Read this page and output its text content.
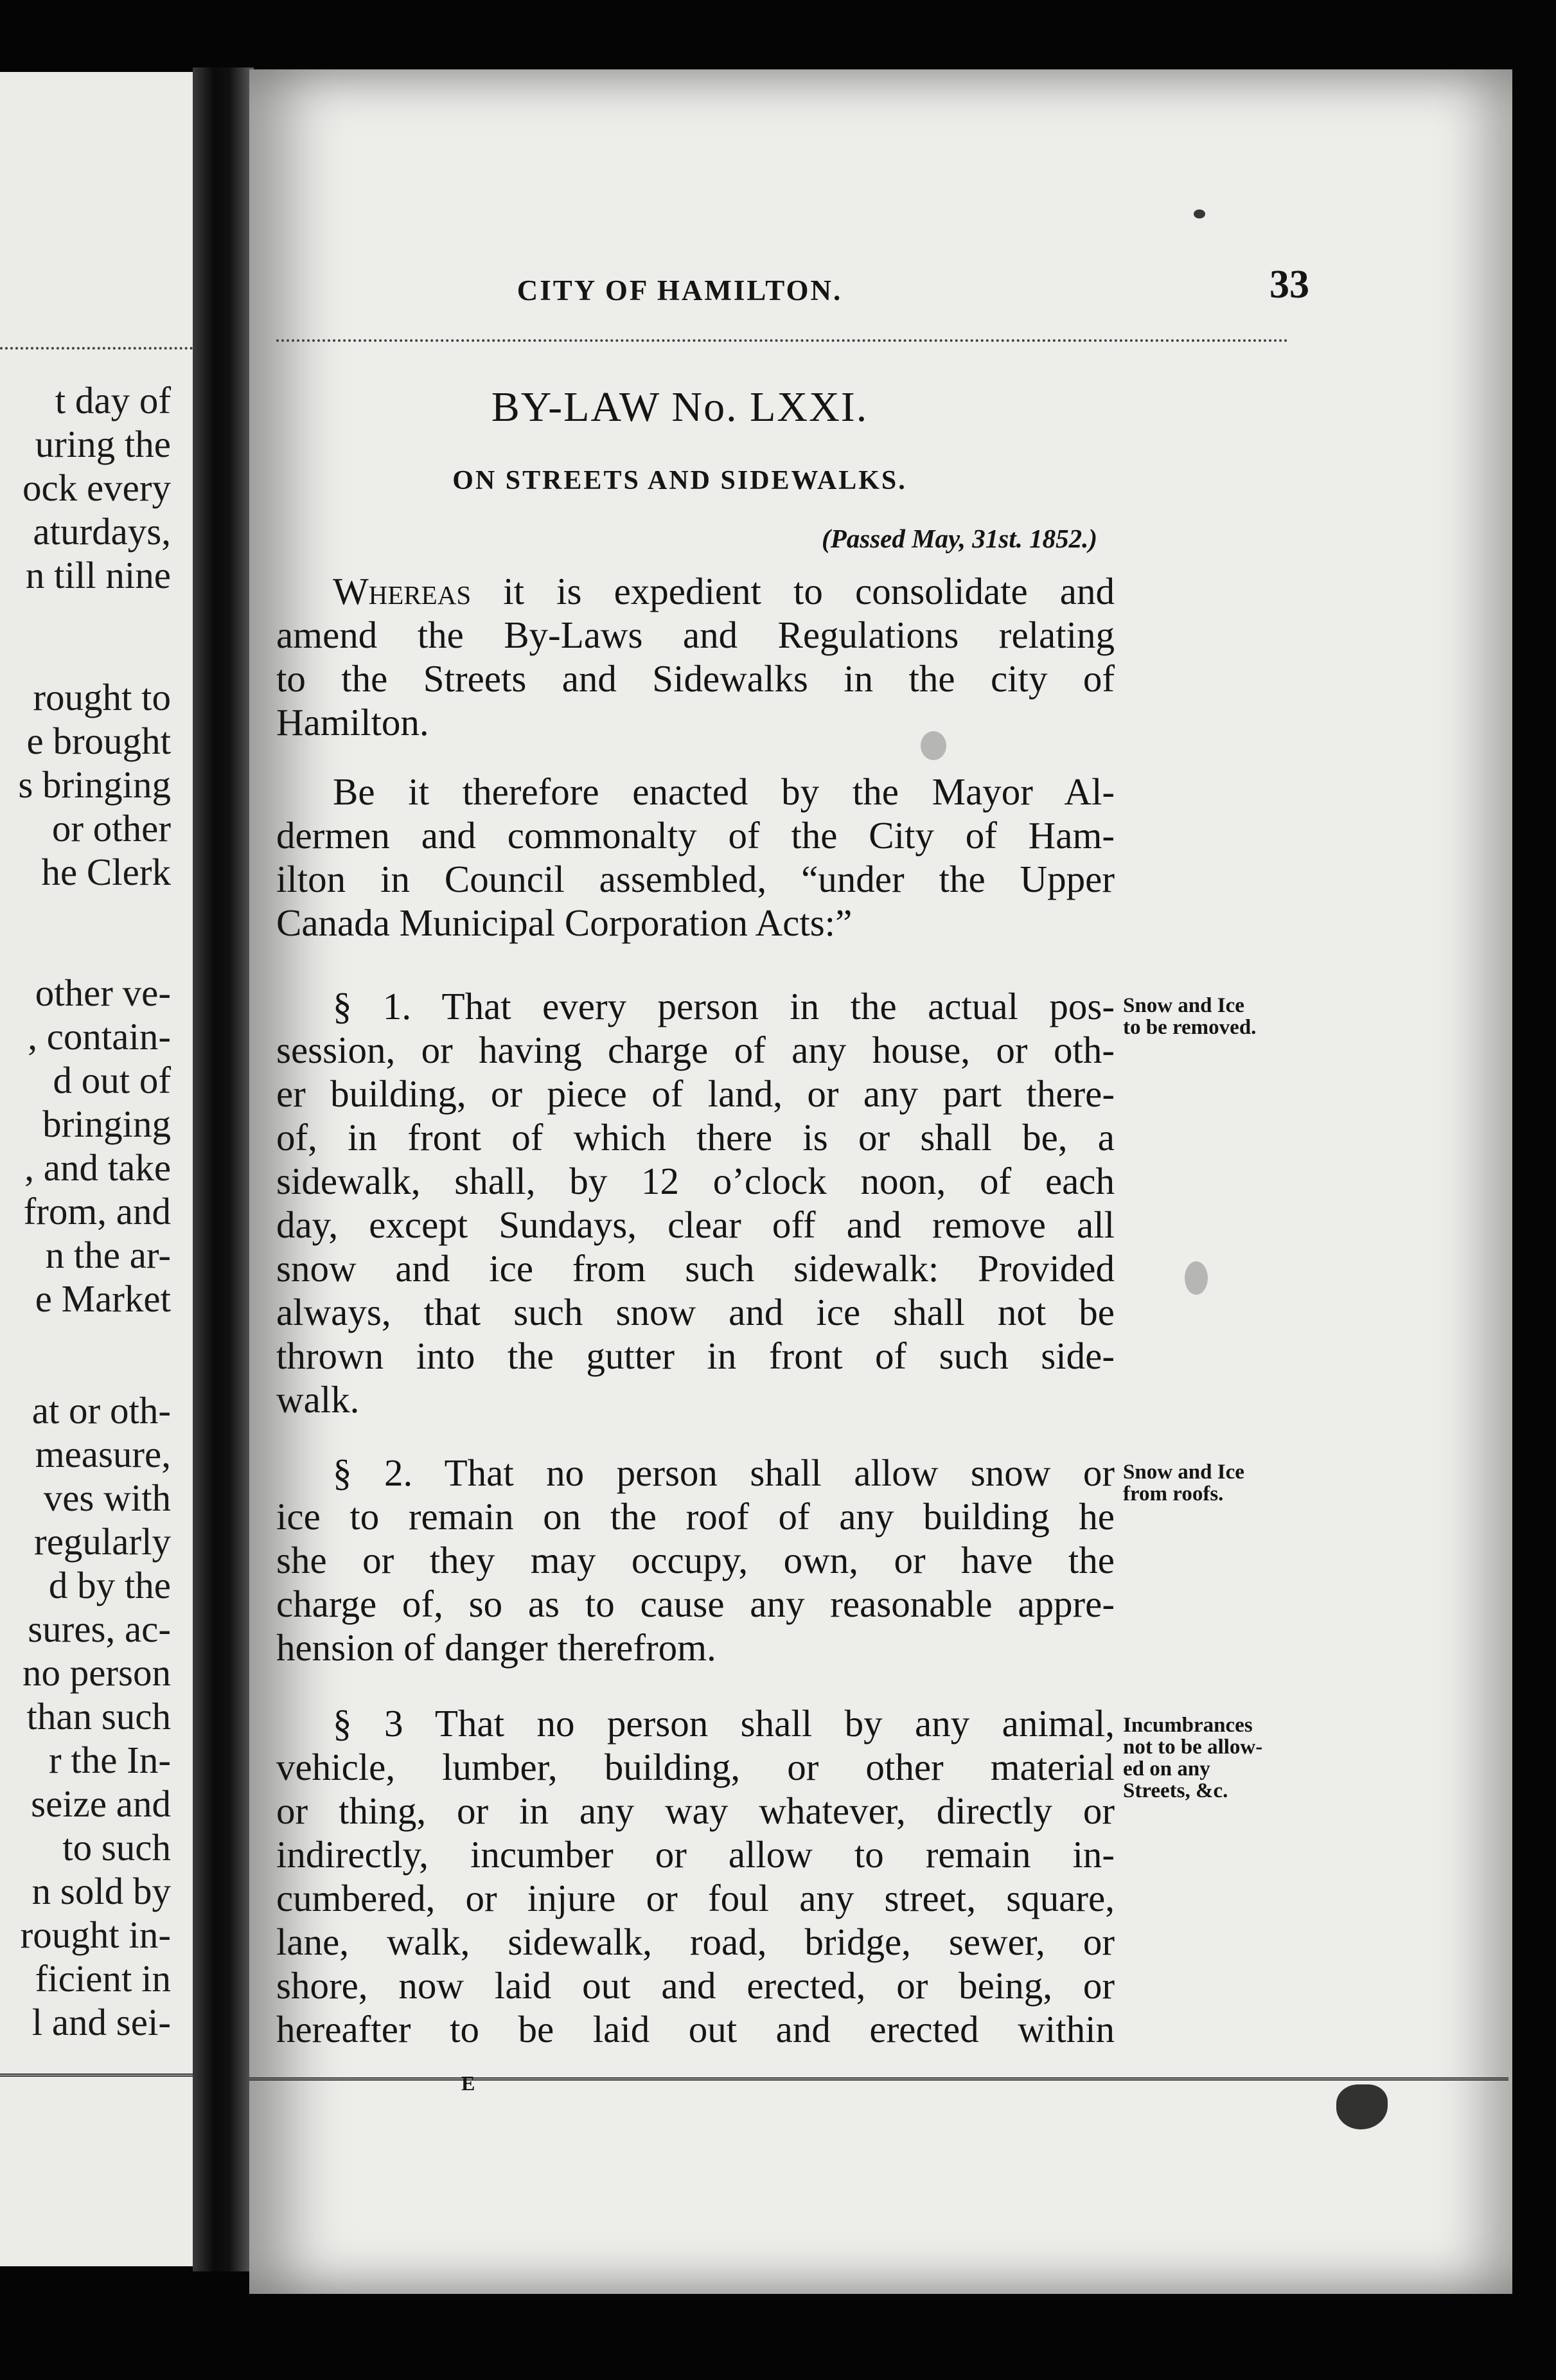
t day of
uring the
ock every
aturdays,
n till nine
rought to
e brought
s bringing
or other
he Clerk
other ve-
, contain-
d out of
bringing
, and take
from, and
n the ar-
e Market
at or oth-
measure,
ves with
regularly
d by the
sures, ac-
no person
than such
r the In-
seize and
to such
n sold by
rought in-
ficient in
l and sei-
CITY OF HAMILTON.	33
BY-LAW No. LXXI.
ON STREETS AND SIDEWALKS.
(Passed May, 31st. 1852.)
Whereas it is expedient to consolidate and
amend the By-Laws and Regulations relating
to the Streets and Sidewalks in the city of
Hamilton.
Be it therefore enacted by the Mayor Al-
dermen and commonalty of the City of Ham-
ilton in Council assembled, “under the Upper
Canada Municipal Corporation Acts:”
Snow and Ice
to be removed.
§ 1. That every person in the actual pos-
session, or having charge of any house, or oth-
er building, or piece of land, or any part there-
of, in front of which there is or shall be, a
sidewalk, shall, by 12 o’clock noon, of each
day, except Sundays, clear off and remove all
snow and ice from such sidewalk: Provided
always, that such snow and ice shall not be
thrown into the gutter in front of such side-
walk.
Snow and Ice
from roofs.
§ 2. That no person shall allow snow or
ice to remain on the roof of any building he
she or they may occupy, own, or have the
charge of, so as to cause any reasonable appre-
hension of danger therefrom.
Incumbrances
not to be allow-
ed on any
Streets, &c.
§ 3 That no person shall by any animal,
vehicle, lumber, building, or other material
or thing, or in any way whatever, directly or
indirectly, incumber or allow to remain in-
cumbered, or injure or foul any street, square,
lane, walk, sidewalk, road, bridge, sewer, or
shore, now laid out and erected, or being, or
hereafter to be laid out and erected within
E
